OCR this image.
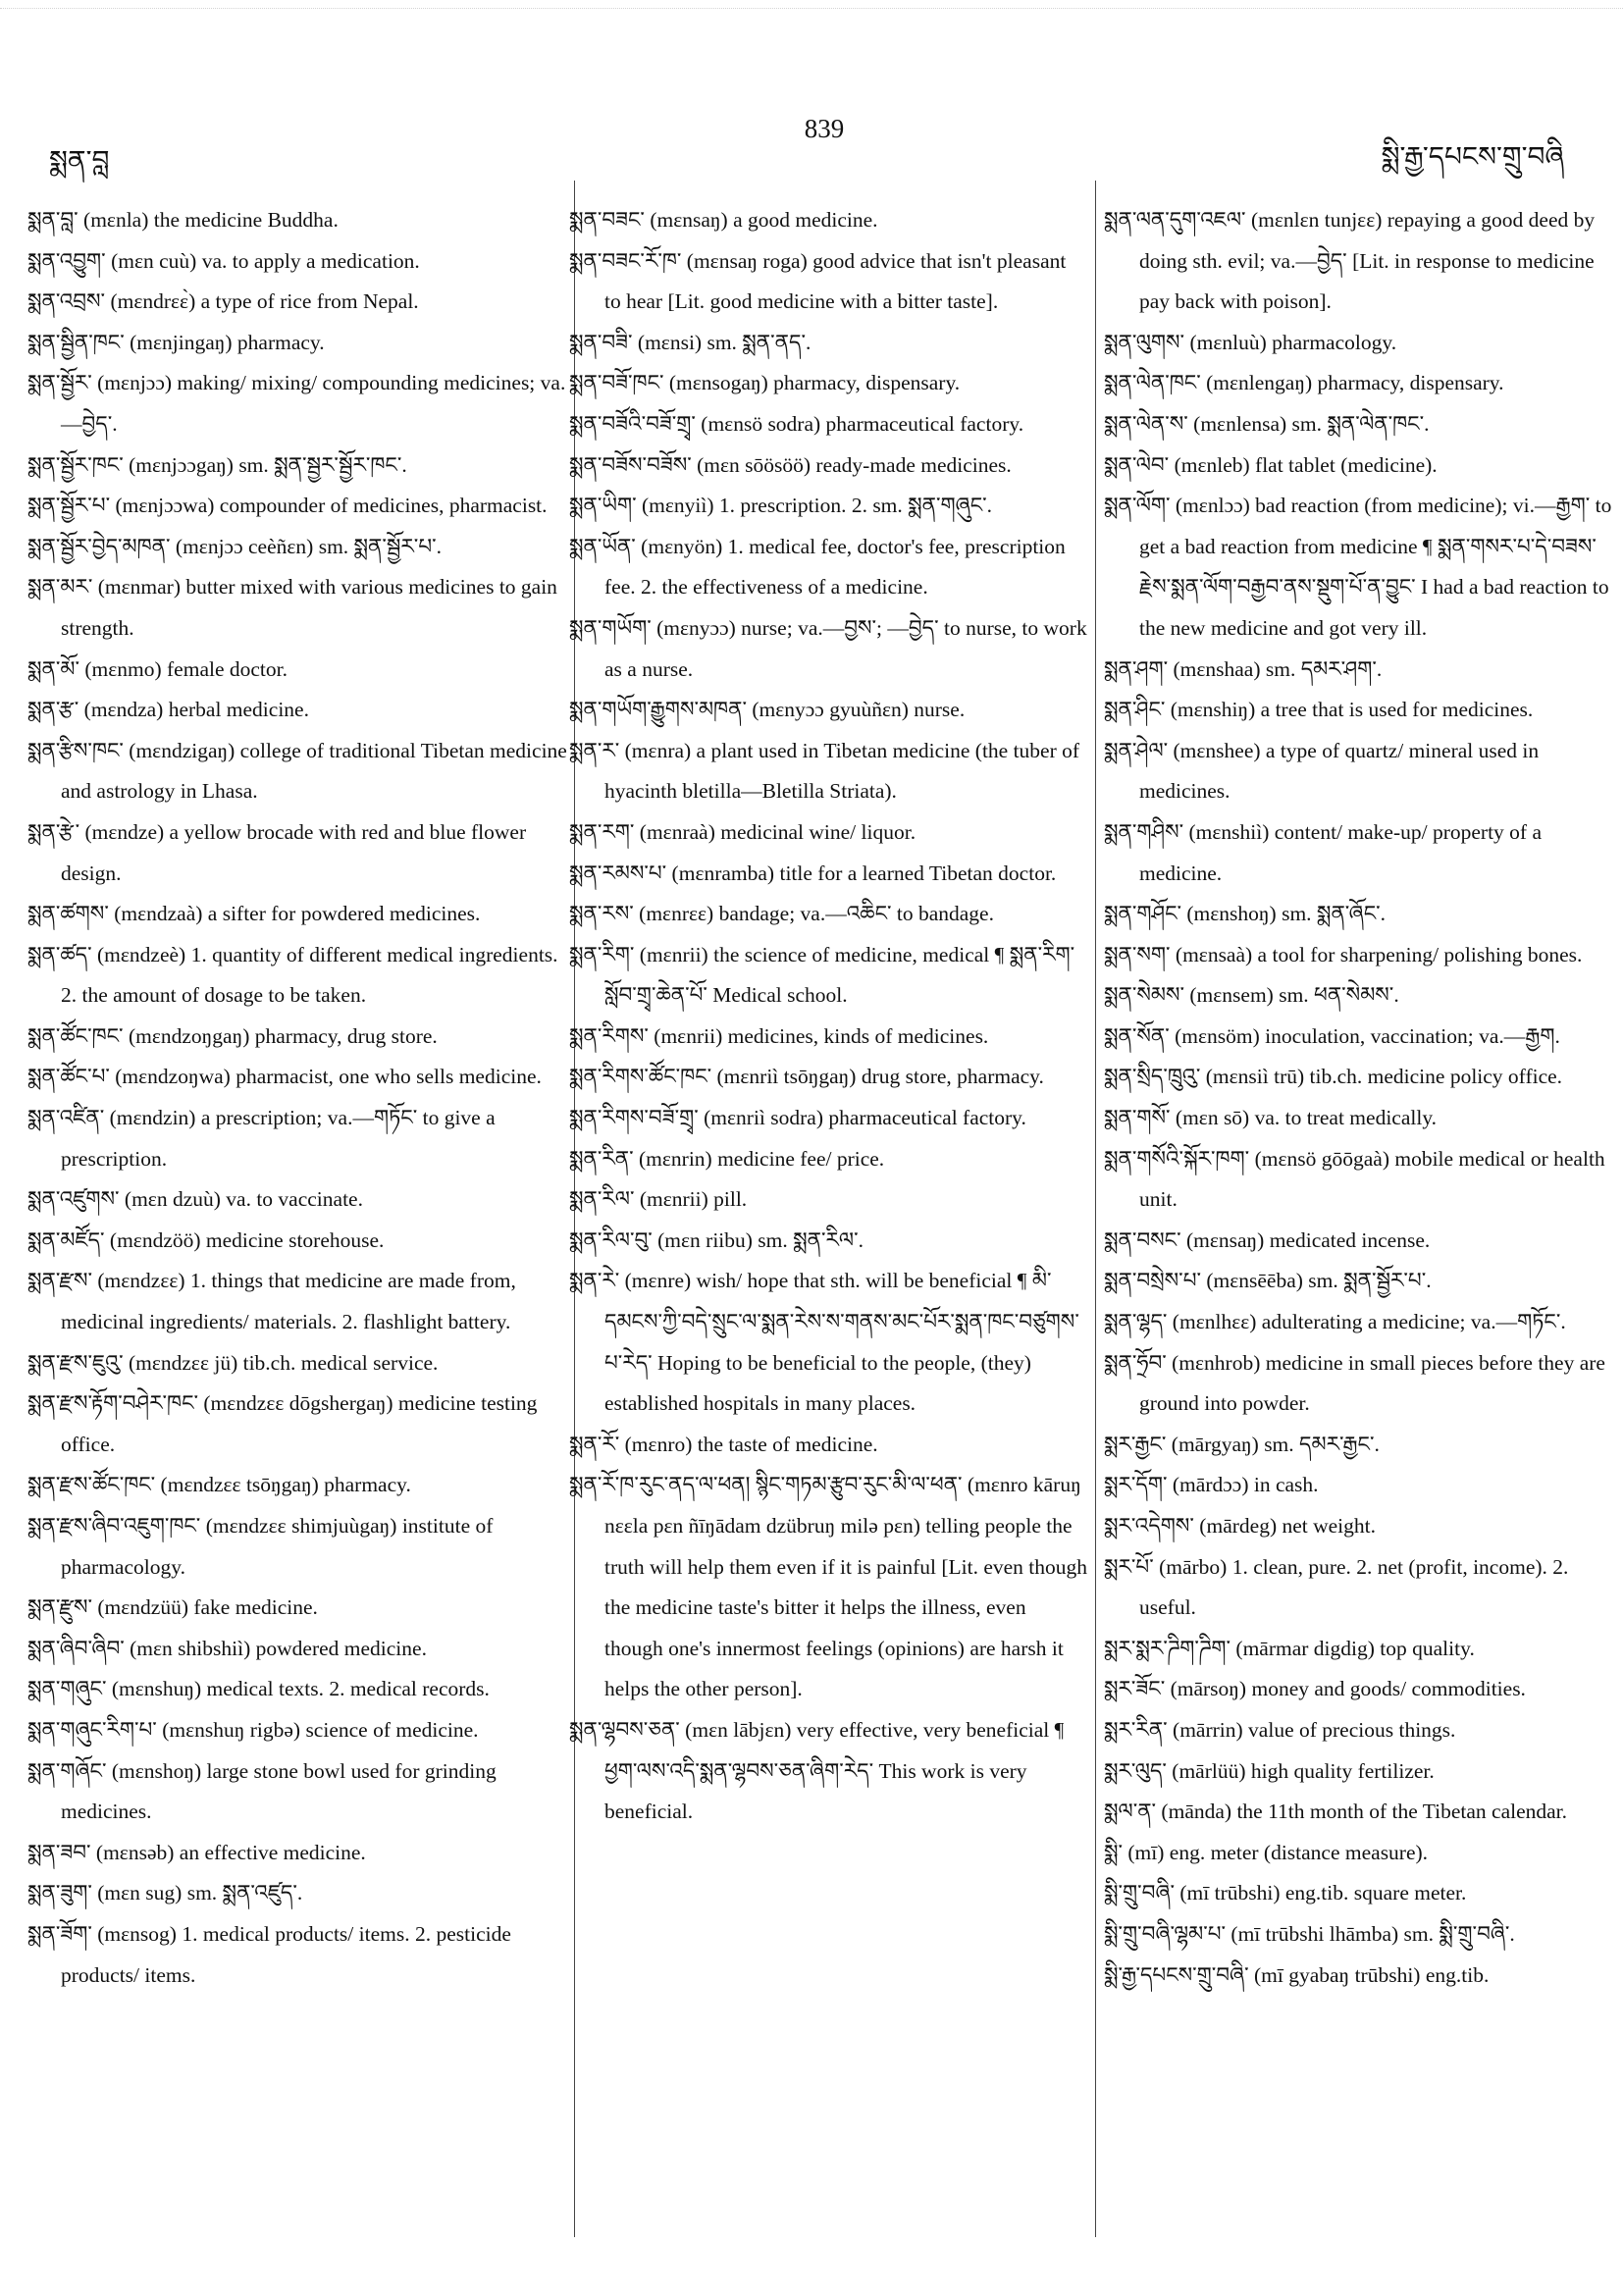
སྨན་བླ
839
སྨི་རྒྱ་དཔངས་གྲུ་བཞི
སྨན་བླ་ (mɛnla) the medicine Buddha.
སྨན་འབྱུག་ (mɛn cuù) va. to apply a medication.
སྨན་འབྲས་ (mɛndrɛɛ̀) a type of rice from Nepal.
སྨན་སྦྱིན་ཁང་ (mɛnjingaŋ) pharmacy.
སྨན་སྦྱོར་ (mɛnjɔɔ) making/ mixing/ compounding medicines; va.—བྱེད་.
སྨན་སྦྱོར་ཁང་ (mɛnjɔɔgaŋ) sm. སྨན་སྦྱར་སྦྱོར་ཁང་.
སྨན་སྦྱོར་པ་ (mɛnjɔɔwa) compounder of medicines, pharmacist.
སྨན་སྦྱོར་བྱེད་མཁན་ (mɛnjɔɔ ceèñɛn) sm. སྨན་སྦྱོར་པ་.
སྨན་མར་ (mɛnmar) butter mixed with various medicines to gain strength.
སྨན་མོ་ (mɛnmo) female doctor.
སྨན་རྩ་ (mɛndza) herbal medicine.
སྨན་རྩིས་ཁང་ (mɛndzigaŋ) college of traditional Tibetan medicine and astrology in Lhasa.
སྨན་རྩེ་ (mɛndze) a yellow brocade with red and blue flower design.
སྨན་ཚགས་ (mɛndzaà) a sifter for powdered medicines.
སྨན་ཚད་ (mɛndzeè) 1. quantity of different medical ingredients. 2. the amount of dosage to be taken.
སྨན་ཚོང་ཁང་ (mɛndzoŋgaŋ) pharmacy, drug store.
སྨན་ཚོང་པ་ (mɛndzoŋwa) pharmacist, one who sells medicine.
སྨན་འཛིན་ (mɛndzin) a prescription; va.—གཏོང་ to give a prescription.
སྨན་འཛུགས་ (mɛn dzuù) va. to vaccinate.
སྨན་མཛོད་ (mɛndzöö) medicine storehouse.
སྨན་རྫས་ (mɛndzɛɛ) 1. things that medicine are made from, medicinal ingredients/ materials. 2. flashlight battery.
སྨན་རྫས་ཇུའུ་ (mɛndzɛɛ jü) tib.ch. medical service.
སྨན་རྫས་རྟོག་བཤེར་ཁང་ (mɛndzɛɛ dōgshergaŋ) medicine testing office.
སྨན་རྫས་ཚོང་ཁང་ (mɛndzɛɛ tsōŋgaŋ) pharmacy.
སྨན་རྫས་ཞིབ་འཇུག་ཁང་ (mɛndzɛɛ shimjuùgaŋ) institute of pharmacology.
སྨན་རྫུས་ (mɛndzüü) fake medicine.
སྨན་ཞིབ་ཞིབ་ (mɛn shibshiì) powdered medicine.
སྨན་གཞུང་ (mɛnshuŋ) medical texts. 2. medical records.
སྨན་གཞུང་རིག་པ་ (mɛnshuŋ rigbə) science of medicine.
སྨན་གཞོང་ (mɛnshoŋ) large stone bowl used for grinding medicines.
སྨན་ཟབ་ (mɛnsəb) an effective medicine.
སྨན་ཟུག་ (mɛn sug) sm. སྨན་འཛུད་.
སྨན་ཟོག་ (mɛnsog) 1. medical products/ items. 2. pesticide products/ items.
སྨན་བཟང་ (mɛnsaŋ) a good medicine.
སྨན་བཟང་རོ་ཁ་ (mɛnsaŋ roga) good advice that isn't pleasant to hear [Lit. good medicine with a bitter taste].
སྨན་བཟི་ (mɛnsi) sm. སྨན་ནད་.
སྨན་བཟོ་ཁང་ (mɛnsogaŋ) pharmacy, dispensary.
སྨན་བཟོའི་བཟོ་གྲྭ་ (mɛnsö sodra) pharmaceutical factory.
སྨན་བཟོས་བཟོས་ (mɛn sōösöö) ready-made medicines.
སྨན་ཡིག་ (mɛnyiì) 1. prescription. 2. sm. སྨན་གཞུང་.
སྨན་ཡོན་ (mɛnyön) 1. medical fee, doctor's fee, prescription fee. 2. the effectiveness of a medicine.
སྨན་གཡོག་ (mɛnyɔɔ) nurse; va.—བྱས་; —བྱེད་ to nurse, to work as a nurse.
སྨན་གཡོག་རྒྱུགས་མཁན་ (mɛnyɔɔ gyuùñɛn) nurse.
སྨན་ར་ (mɛnra) a plant used in Tibetan medicine (the tuber of hyacinth bletilla—Bletilla Striata).
སྨན་རག་ (mɛnraà) medicinal wine/ liquor.
སྨན་རམས་པ་ (mɛnramba) title for a learned Tibetan doctor.
སྨན་རས་ (mɛnrɛɛ) bandage; va.—འཆིང་ to bandage.
སྨན་རིག་ (mɛnrii) the science of medicine, medical ¶ སྨན་རིག་སློབ་གྲྭ་ཆེན་པོ་ Medical school.
སྨན་རིགས་ (mɛnrii) medicines, kinds of medicines.
སྨན་རིགས་ཚོང་ཁང་ (mɛnriì tsōŋgaŋ) drug store, pharmacy.
སྨན་རིགས་བཟོ་གྲྭ་ (mɛnriì sodra) pharmaceutical factory.
སྨན་རིན་ (mɛnrin) medicine fee/ price.
སྨན་རིལ་ (mɛnrii) pill.
སྨན་རིལ་བུ་ (mɛn riibu) sm. སྨན་རིལ་.
སྨན་རེ་ (mɛnre) wish/ hope that sth. will be beneficial ¶ མི་དམངས་ཀྱི་བདེ་སྲུང་ལ་སྨན་རེས་ས་གནས་མང་པོར་སྨན་ཁང་བཙུགས་པ་རེད་ Hoping to be beneficial to the people, (they) established hospitals in many places.
སྨན་རོ་ (mɛnro) the taste of medicine.
སྨན་རོ་ཁ་རུང་ནད་ལ་ཕན། སྙིང་གཏམ་རྩུབ་རུང་མི་ལ་ཕན་ (mɛnro kāruŋ nɛɛla pɛn ñīŋādam dzübruŋ milə pɛn) telling people the truth will help them even if it is painful [Lit. even though the medicine taste's bitter it helps the illness, even though one's innermost feelings (opinions) are harsh it helps the other person].
སྨན་ལྷབས་ཅན་ (mɛn lābjɛn) very effective, very beneficial ¶ ཕྱག་ལས་འདི་སྨན་ལྷབས་ཅན་ཞིག་རེད་ This work is very beneficial.
སྨན་ལན་དུག་འཇལ་ (mɛnlɛn tunjɛɛ) repaying a good deed by doing sth. evil; va.—བྱེད་ [Lit. in response to medicine pay back with poison].
སྨན་ལུགས་ (mɛnluù) pharmacology.
སྨན་ལེན་ཁང་ (mɛnlengaŋ) pharmacy, dispensary.
སྨན་ལེན་ས་ (mɛnlensa) sm. སྨན་ལེན་ཁང་.
སྨན་ལེབ་ (mɛnleb) flat tablet (medicine).
སྨན་ལོག་ (mɛnlɔɔ) bad reaction (from medicine); vi.—རྒྱག་ to get a bad reaction from medicine ¶ སྨན་གསར་པ་དེ་བཟས་རྗེས་སྨན་ལོག་བརྒྱབ་ནས་སྡུག་པོ་ན་བྱུང་ I had a bad reaction to the new medicine and got very ill.
སྨན་ཤག་ (mɛnshaa) sm. དམར་ཤག་.
སྨན་ཤིང་ (mɛnshiŋ) a tree that is used for medicines.
སྨན་ཤེལ་ (mɛnshee) a type of quartz/ mineral used in medicines.
སྨན་གཤིས་ (mɛnshiì) content/ make-up/ property of a medicine.
སྨན་གཤོང་ (mɛnshoŋ) sm. སྨན་ཞོང་.
སྨན་སག་ (mɛnsaà) a tool for sharpening/ polishing bones.
སྨན་སེམས་ (mɛnsem) sm. ཕན་སེམས་.
སྨན་སོན་ (mɛnsöm) inoculation, vaccination; va.—རྒྱག.
སྨན་སྲིད་ཁྲུའུ་ (mɛnsiì trū) tib.ch. medicine policy office.
སྨན་གསོ་ (mɛn sō) va. to treat medically.
སྨན་གསོའི་སྐོར་ཁག་ (mɛnsö gōōgaà) mobile medical or health unit.
སྨན་བསང་ (mɛnsaŋ) medicated incense.
སྨན་བསྲེས་པ་ (mɛnsēēba) sm. སྨན་སྦྱོར་པ་.
སྨན་ལྷད་ (mɛnlhɛɛ) adulterating a medicine; va.—གཏོང་.
སྨན་ཧྲོབ་ (mɛnhrob) medicine in small pieces before they are ground into powder.
སྨར་རྒྱང་ (mārgyaŋ) sm. དམར་རྒྱང་.
སྨར་དོག་ (mārdɔɔ) in cash.
སྨར་འདེགས་ (mārdeg) net weight.
སྨར་པོ་ (mārbo) 1. clean, pure. 2. net (profit, income). 2. useful.
སྨར་སྨར་ཌིག་ཌིག་ (mārmar digdig) top quality.
སྨར་ཟོང་ (mārsoŋ) money and goods/ commodities.
སྨར་རིན་ (mārrin) value of precious things.
སྨར་ལུད་ (mārlüü) high quality fertilizer.
སྨལ་ན་ (mānda) the 11th month of the Tibetan calendar.
སྨི་ (mī) eng. meter (distance measure).
སྨི་གྲུ་བཞི་ (mī trūbshi) eng.tib. square meter.
སྨི་གྲུ་བཞི་ལྷམ་པ་ (mī trūbshi lhāmba) sm. སྨི་གྲུ་བཞི་.
སྨི་རྒྱ་དཔངས་གྲུ་བཞི་ (mī gyabaŋ trūbshi) eng.tib.
